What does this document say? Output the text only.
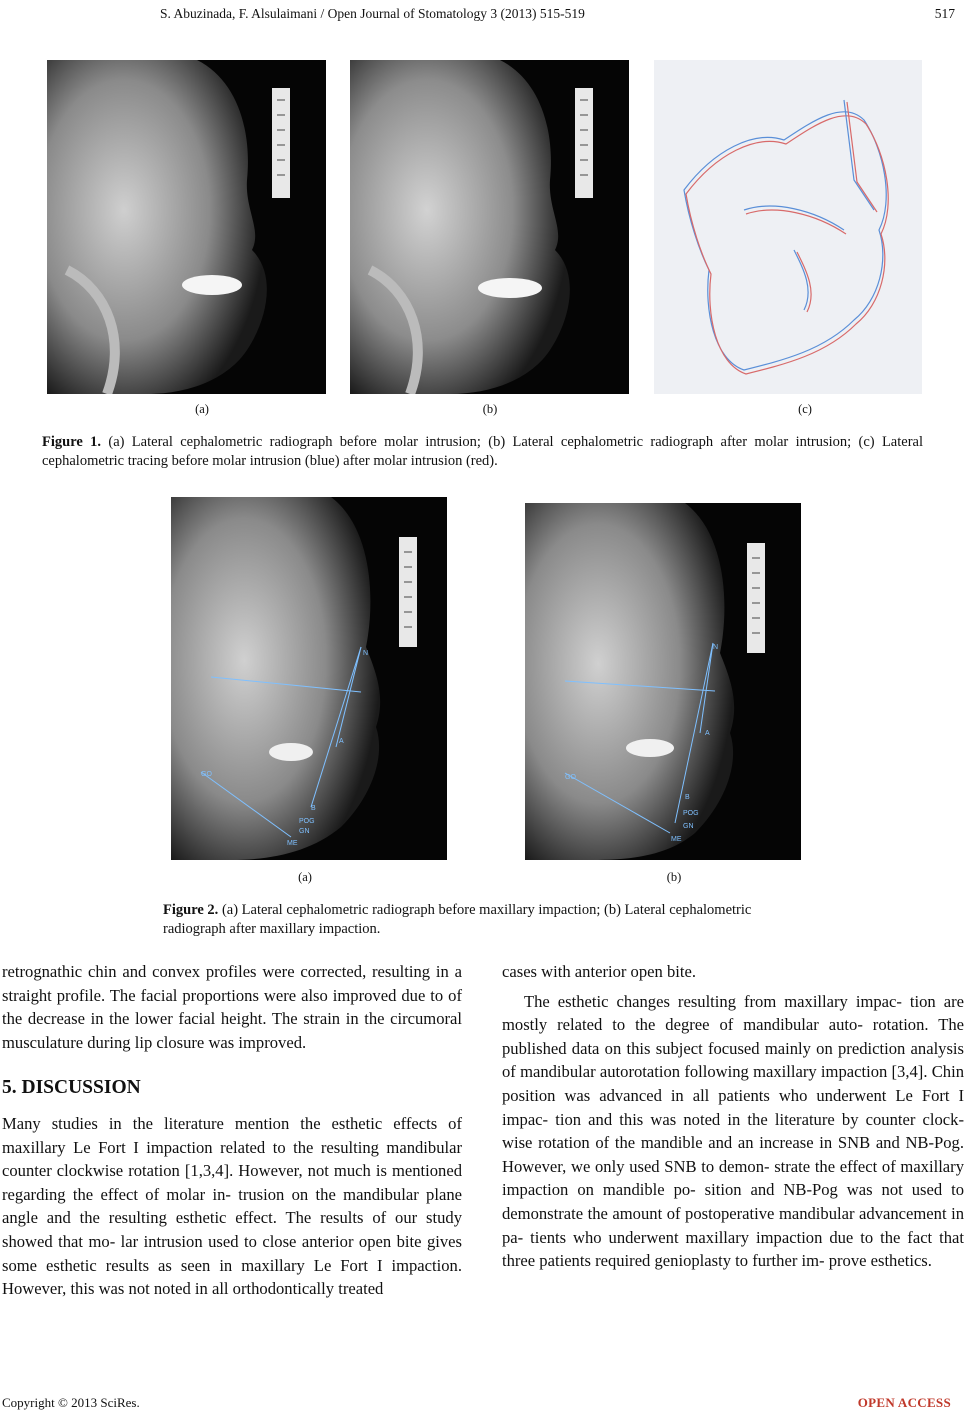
S. Abuzinada, F. Alsulaimani / Open Journal of Stomatology 3 (2013) 515-519	517
(a)	(b)	(c)
Figure 1. (a) Lateral cephalometric radiograph before molar intrusion; (b) Lateral cephalometric radiograph after molar intrusion; (c) Lateral cephalometric tracing before molar intrusion (blue) after molar intrusion (red).
N
A
B
POG
GN
ME
GO
N
A
B
POG
GN
ME
GO
(a)	(b)
Figure 2. (a) Lateral cephalometric radiograph before maxillary impaction; (b) Lateral cephalometric radiograph after maxillary impaction.

retrognathic chin and convex profiles were corrected, resulting in a straight profile. The facial proportions were also improved due to of the decrease in the lower facial height. The strain in the circumoral musculature during lip closure was improved.

5. DISCUSSION

Many studies in the literature mention the esthetic effects of maxillary Le Fort I impaction related to the resulting mandibular counter clockwise rotation [1,3,4]. However, not much is mentioned regarding the effect of molar in- trusion on the mandibular plane angle and the resulting esthetic effect. The results of our study showed that mo- lar intrusion used to close anterior open bite gives some esthetic results as seen in maxillary Le Fort I impaction. However, this was not noted in all orthodontically treated

cases with anterior open bite.

The esthetic changes resulting from maxillary impac- tion are mostly related to the degree of mandibular auto- rotation. The published data on this subject focused mainly on prediction analysis of mandibular autorotation following maxillary impaction [3,4]. Chin position was advanced in all patients who underwent Le Fort I impac- tion and this was noted in the literature by counter clock- wise rotation of the mandible and an increase in SNB and NB-Pog. However, we only used SNB to demon- strate the effect of maxillary impaction on mandible po- sition and NB-Pog was not used to demonstrate the amount of postoperative mandibular advancement in pa- tients who underwent maxillary impaction due to the fact that three patients required genioplasty to further im- prove esthetics.

Copyright © 2013 SciRes.	OPEN ACCESS
